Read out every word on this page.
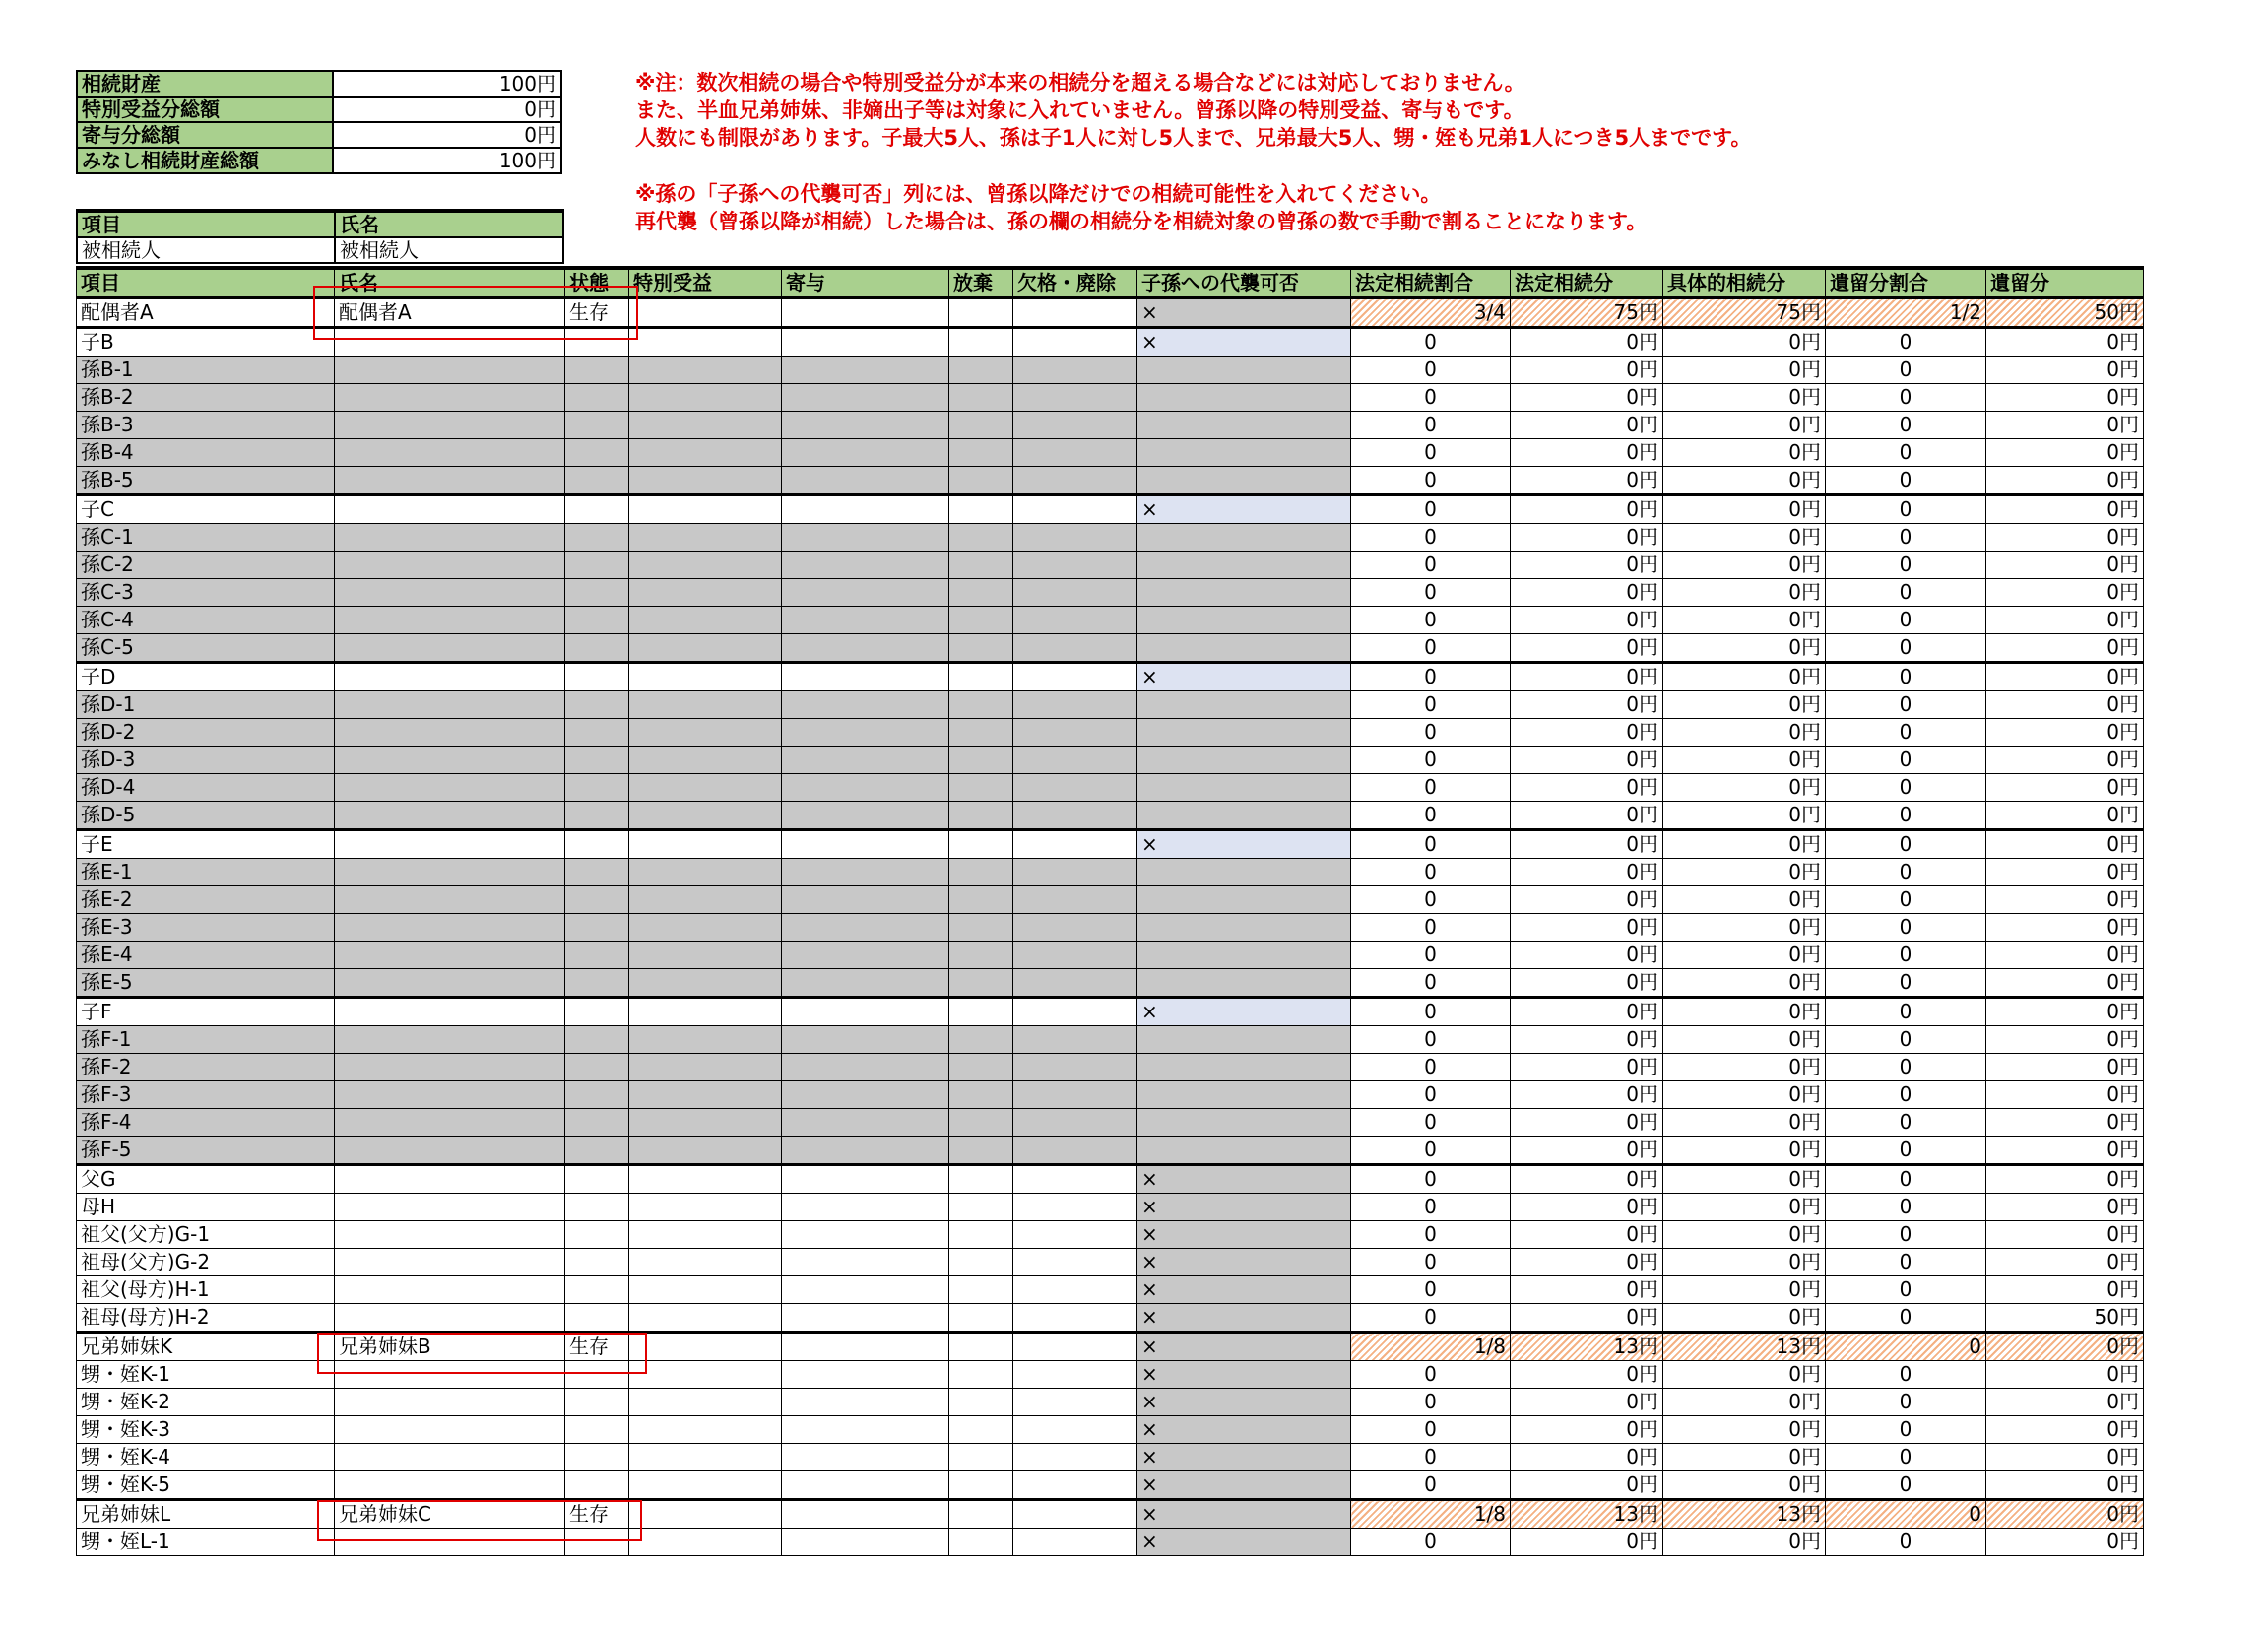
相続財産	100円
特別受益分総額	0円
寄与分総額	0円
みなし相続財産総額	100円
※注：数次相続の場合や特別受益分が本来の相続分を超える場合などには対応しておりません。
また、半血兄弟姉妹、非嫡出子等は対象に入れていません。曾孫以降の特別受益、寄与もです。
人数にも制限があります。子最大5人、孫は子1人に対し5人まで、兄弟最大5人、甥・姪も兄弟1人につき5人までです。
※孫の「子孫への代襲可否」列には、曾孫以降だけでの相続可能性を入れてください。
再代襲（曾孫以降が相続）した場合は、孫の欄の相続分を相続対象の曾孫の数で手動で割ることになります。
項目	氏名
被相続人	被相続人
項目	氏名	状態	特別受益	寄与	放棄	欠格・廃除	子孫への代襲可否	法定相続割合	法定相続分	具体的相続分	遺留分割合	遺留分
配偶者A	配偶者A	生存					×	3/4	75円	75円	1/2	50円
子B							×	0	0円	0円	0	0円
孫B-1								0	0円	0円	0	0円
孫B-2								0	0円	0円	0	0円
孫B-3								0	0円	0円	0	0円
孫B-4								0	0円	0円	0	0円
孫B-5								0	0円	0円	0	0円
子C							×	0	0円	0円	0	0円
孫C-1								0	0円	0円	0	0円
孫C-2								0	0円	0円	0	0円
孫C-3								0	0円	0円	0	0円
孫C-4								0	0円	0円	0	0円
孫C-5								0	0円	0円	0	0円
子D							×	0	0円	0円	0	0円
孫D-1								0	0円	0円	0	0円
孫D-2								0	0円	0円	0	0円
孫D-3								0	0円	0円	0	0円
孫D-4								0	0円	0円	0	0円
孫D-5								0	0円	0円	0	0円
子E							×	0	0円	0円	0	0円
孫E-1								0	0円	0円	0	0円
孫E-2								0	0円	0円	0	0円
孫E-3								0	0円	0円	0	0円
孫E-4								0	0円	0円	0	0円
孫E-5								0	0円	0円	0	0円
子F							×	0	0円	0円	0	0円
孫F-1								0	0円	0円	0	0円
孫F-2								0	0円	0円	0	0円
孫F-3								0	0円	0円	0	0円
孫F-4								0	0円	0円	0	0円
孫F-5								0	0円	0円	0	0円
父G							×	0	0円	0円	0	0円
母H							×	0	0円	0円	0	0円
祖父(父方)G-1							×	0	0円	0円	0	0円
祖母(父方)G-2							×	0	0円	0円	0	0円
祖父(母方)H-1							×	0	0円	0円	0	0円
祖母(母方)H-2							×	0	0円	0円	0	50円
兄弟姉妹K	兄弟姉妹B	生存					×	1/8	13円	13円	0	0円
甥・姪K-1							×	0	0円	0円	0	0円
甥・姪K-2							×	0	0円	0円	0	0円
甥・姪K-3							×	0	0円	0円	0	0円
甥・姪K-4							×	0	0円	0円	0	0円
甥・姪K-5							×	0	0円	0円	0	0円
兄弟姉妹L	兄弟姉妹C	生存					×	1/8	13円	13円	0	0円
甥・姪L-1							×	0	0円	0円	0	0円
